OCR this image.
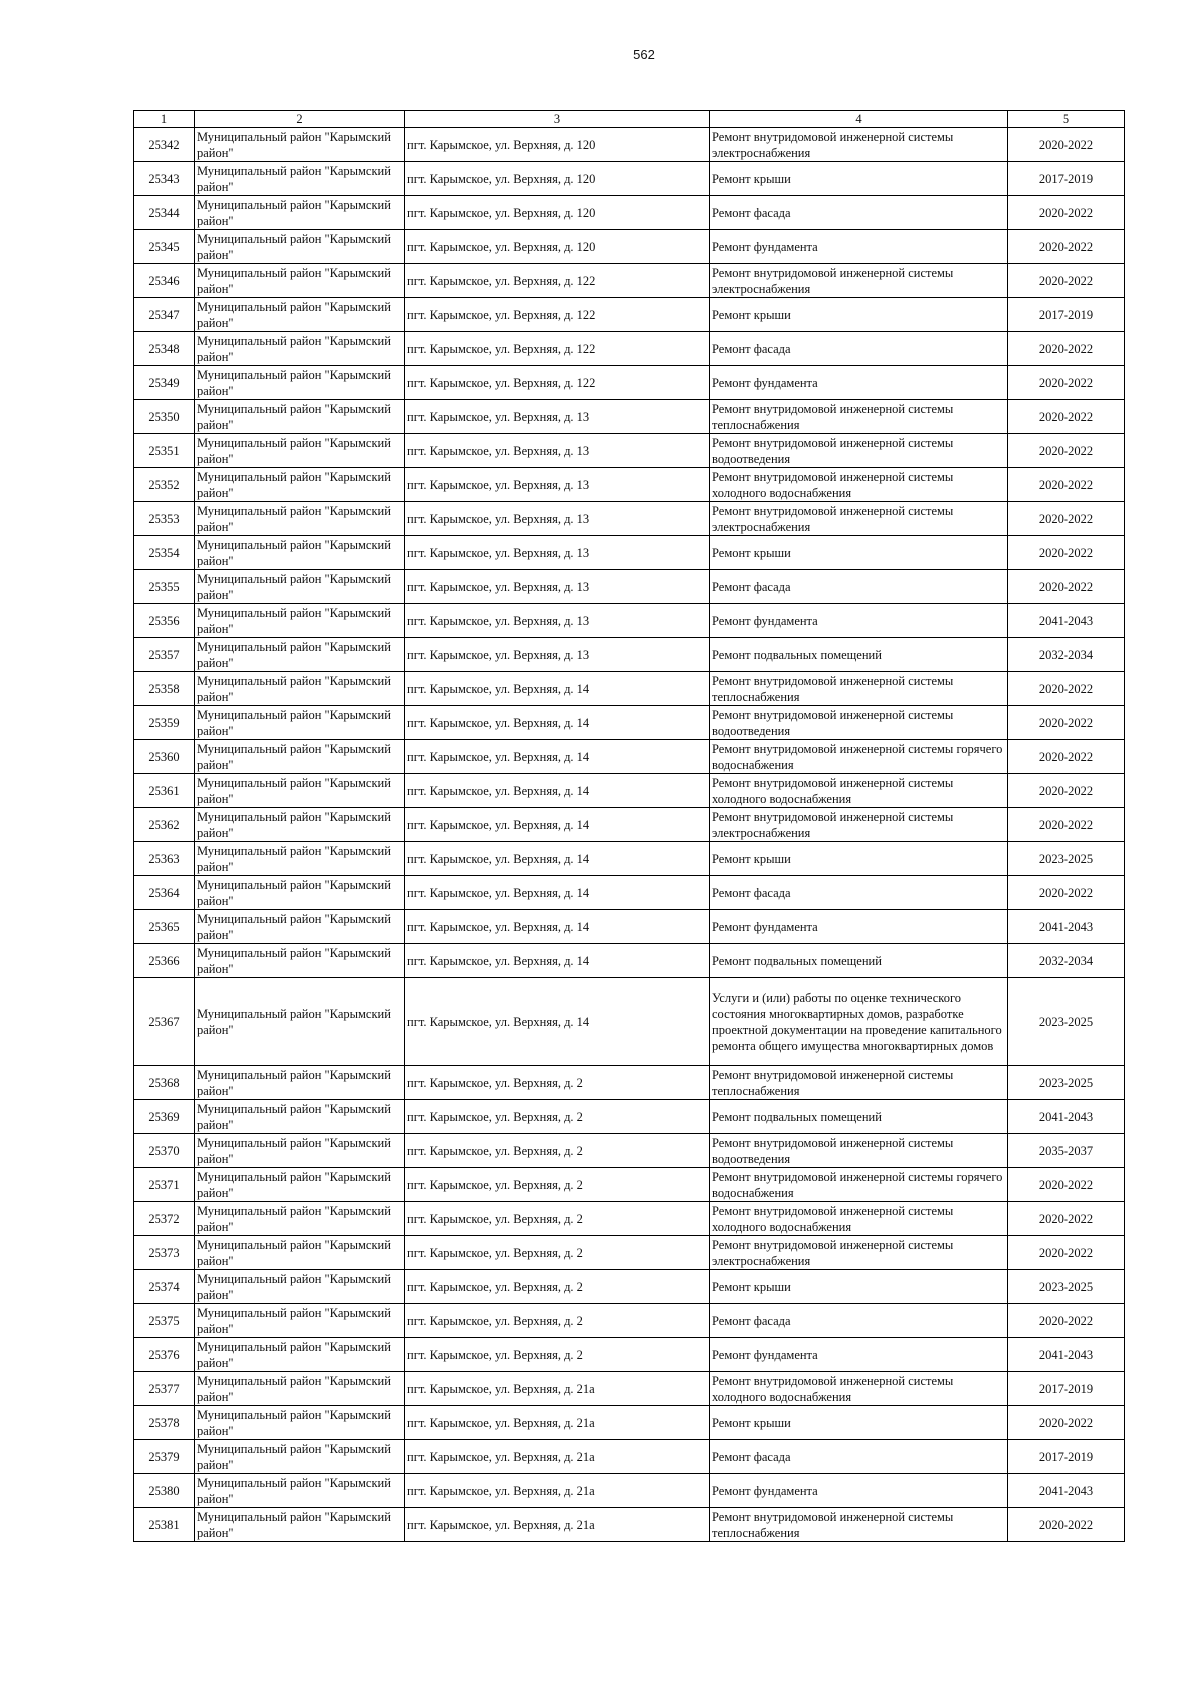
562
1	2	3	4	5
25342	Муниципальный район "Карымский район"	пгт. Карымское, ул. Верхняя, д. 120	Ремонт внутридомовой инженерной системы электроснабжения	2020-2022
25343	Муниципальный район "Карымский район"	пгт. Карымское, ул. Верхняя, д. 120	Ремонт крыши	2017-2019
25344	Муниципальный район "Карымский район"	пгт. Карымское, ул. Верхняя, д. 120	Ремонт фасада	2020-2022
25345	Муниципальный район "Карымский район"	пгт. Карымское, ул. Верхняя, д. 120	Ремонт фундамента	2020-2022
25346	Муниципальный район "Карымский район"	пгт. Карымское, ул. Верхняя, д. 122	Ремонт внутридомовой инженерной системы электроснабжения	2020-2022
25347	Муниципальный район "Карымский район"	пгт. Карымское, ул. Верхняя, д. 122	Ремонт крыши	2017-2019
25348	Муниципальный район "Карымский район"	пгт. Карымское, ул. Верхняя, д. 122	Ремонт фасада	2020-2022
25349	Муниципальный район "Карымский район"	пгт. Карымское, ул. Верхняя, д. 122	Ремонт фундамента	2020-2022
25350	Муниципальный район "Карымский район"	пгт. Карымское, ул. Верхняя, д. 13	Ремонт внутридомовой инженерной системы теплоснабжения	2020-2022
25351	Муниципальный район "Карымский район"	пгт. Карымское, ул. Верхняя, д. 13	Ремонт внутридомовой инженерной системы водоотведения	2020-2022
25352	Муниципальный район "Карымский район"	пгт. Карымское, ул. Верхняя, д. 13	Ремонт внутридомовой инженерной системы холодного водоснабжения	2020-2022
25353	Муниципальный район "Карымский район"	пгт. Карымское, ул. Верхняя, д. 13	Ремонт внутридомовой инженерной системы электроснабжения	2020-2022
25354	Муниципальный район "Карымский район"	пгт. Карымское, ул. Верхняя, д. 13	Ремонт крыши	2020-2022
25355	Муниципальный район "Карымский район"	пгт. Карымское, ул. Верхняя, д. 13	Ремонт фасада	2020-2022
25356	Муниципальный район "Карымский район"	пгт. Карымское, ул. Верхняя, д. 13	Ремонт фундамента	2041-2043
25357	Муниципальный район "Карымский район"	пгт. Карымское, ул. Верхняя, д. 13	Ремонт подвальных помещений	2032-2034
25358	Муниципальный район "Карымский район"	пгт. Карымское, ул. Верхняя, д. 14	Ремонт внутридомовой инженерной системы теплоснабжения	2020-2022
25359	Муниципальный район "Карымский район"	пгт. Карымское, ул. Верхняя, д. 14	Ремонт внутридомовой инженерной системы водоотведения	2020-2022
25360	Муниципальный район "Карымский район"	пгт. Карымское, ул. Верхняя, д. 14	Ремонт внутридомовой инженерной системы горячего водоснабжения	2020-2022
25361	Муниципальный район "Карымский район"	пгт. Карымское, ул. Верхняя, д. 14	Ремонт внутридомовой инженерной системы холодного водоснабжения	2020-2022
25362	Муниципальный район "Карымский район"	пгт. Карымское, ул. Верхняя, д. 14	Ремонт внутридомовой инженерной системы электроснабжения	2020-2022
25363	Муниципальный район "Карымский район"	пгт. Карымское, ул. Верхняя, д. 14	Ремонт крыши	2023-2025
25364	Муниципальный район "Карымский район"	пгт. Карымское, ул. Верхняя, д. 14	Ремонт фасада	2020-2022
25365	Муниципальный район "Карымский район"	пгт. Карымское, ул. Верхняя, д. 14	Ремонт фундамента	2041-2043
25366	Муниципальный район "Карымский район"	пгт. Карымское, ул. Верхняя, д. 14	Ремонт подвальных помещений	2032-2034
25367	Муниципальный район "Карымский район"	пгт. Карымское, ул. Верхняя, д. 14	Услуги и (или) работы по оценке технического состояния многоквартирных домов, разработке проектной документации на проведение капитального ремонта общего имущества многоквартирных домов	2023-2025
25368	Муниципальный район "Карымский район"	пгт. Карымское, ул. Верхняя, д. 2	Ремонт внутридомовой инженерной системы теплоснабжения	2023-2025
25369	Муниципальный район "Карымский район"	пгт. Карымское, ул. Верхняя, д. 2	Ремонт подвальных помещений	2041-2043
25370	Муниципальный район "Карымский район"	пгт. Карымское, ул. Верхняя, д. 2	Ремонт внутридомовой инженерной системы водоотведения	2035-2037
25371	Муниципальный район "Карымский район"	пгт. Карымское, ул. Верхняя, д. 2	Ремонт внутридомовой инженерной системы горячего водоснабжения	2020-2022
25372	Муниципальный район "Карымский район"	пгт. Карымское, ул. Верхняя, д. 2	Ремонт внутридомовой инженерной системы холодного водоснабжения	2020-2022
25373	Муниципальный район "Карымский район"	пгт. Карымское, ул. Верхняя, д. 2	Ремонт внутридомовой инженерной системы электроснабжения	2020-2022
25374	Муниципальный район "Карымский район"	пгт. Карымское, ул. Верхняя, д. 2	Ремонт крыши	2023-2025
25375	Муниципальный район "Карымский район"	пгт. Карымское, ул. Верхняя, д. 2	Ремонт фасада	2020-2022
25376	Муниципальный район "Карымский район"	пгт. Карымское, ул. Верхняя, д. 2	Ремонт фундамента	2041-2043
25377	Муниципальный район "Карымский район"	пгт. Карымское, ул. Верхняя, д. 21а	Ремонт внутридомовой инженерной системы холодного водоснабжения	2017-2019
25378	Муниципальный район "Карымский район"	пгт. Карымское, ул. Верхняя, д. 21а	Ремонт крыши	2020-2022
25379	Муниципальный район "Карымский район"	пгт. Карымское, ул. Верхняя, д. 21а	Ремонт фасада	2017-2019
25380	Муниципальный район "Карымский район"	пгт. Карымское, ул. Верхняя, д. 21а	Ремонт фундамента	2041-2043
25381	Муниципальный район "Карымский район"	пгт. Карымское, ул. Верхняя, д. 21а	Ремонт внутридомовой инженерной системы теплоснабжения	2020-2022
